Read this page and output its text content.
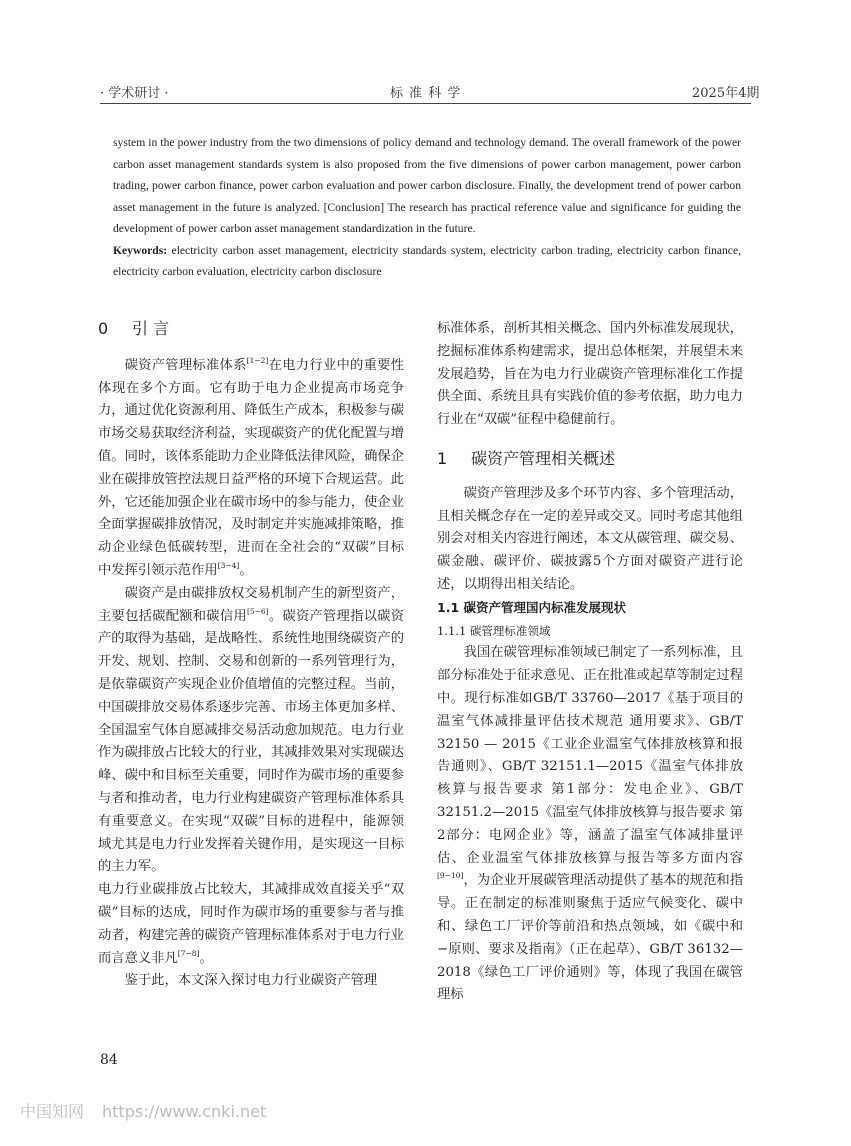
· 学术研讨 ·	标 准 科 学	2025年4期

system in the power industry from the two dimensions of policy demand and technology demand. The overall framework of the power carbon asset management standards system is also proposed from the five dimensions of power carbon management, power carbon trading, power carbon finance, power carbon evaluation and power carbon disclosure. Finally, the development trend of power carbon asset management in the future is analyzed. [Conclusion] The research has practical reference value and significance for guiding the development of power carbon asset management standardization in the future.

Keywords: electricity carbon asset management, electricity standards system, electricity carbon trading, electricity carbon finance, electricity carbon evaluation, electricity carbon disclosure

0 引 言

碳资产管理标准体系[1−2]在电力行业中的重要性体现在多个方面。它有助于电力企业提高市场竞争力，通过优化资源利用、降低生产成本，积极参与碳市场交易获取经济利益，实现碳资产的优化配置与增值。同时，该体系能助力企业降低法律风险，确保企业在碳排放管控法规日益严格的环境下合规运营。此外，它还能加强企业在碳市场中的参与能力，使企业全面掌握碳排放情况，及时制定并实施减排策略，推动企业绿色低碳转型，进而在全社会的“双碳”目标中发挥引领示范作用[3−4]。

碳资产是由碳排放权交易机制产生的新型资产，主要包括碳配额和碳信用[5−6]。碳资产管理指以碳资产的取得为基础，是战略性、系统性地围绕碳资产的开发、规划、控制、交易和创新的一系列管理行为，是依靠碳资产实现企业价值增值的完整过程。当前，中国碳排放交易体系逐步完善、市场主体更加多样、全国温室气体自愿减排交易活动愈加规范。电力行业作为碳排放占比较大的行业，其减排效果对实现碳达峰、碳中和目标至关重要，同时作为碳市场的重要参与者和推动者，电力行业构建碳资产管理标准体系具有重要意义。在实现“双碳”目标的进程中，能源领域尤其是电力行业发挥着关键作用，是实现这一目标的主力军。

电力行业碳排放占比较大，其减排成效直接关乎“双碳”目标的达成，同时作为碳市场的重要参与者与推动者，构建完善的碳资产管理标准体系对于电力行业而言意义非凡[7−8]。

鉴于此，本文深入探讨电力行业碳资产管理

标准体系，剖析其相关概念、国内外标准发展现状，挖掘标准体系构建需求，提出总体框架，并展望未来发展趋势，旨在为电力行业碳资产管理标准化工作提供全面、系统且具有实践价值的参考依据，助力电力行业在“双碳”征程中稳健前行。

1 碳资产管理相关概述

碳资产管理涉及多个环节内容、多个管理活动，且相关概念存在一定的差异或交叉。同时考虑其他组别会对相关内容进行阐述，本文从碳管理、碳交易、碳金融、碳评价、碳披露5个方面对碳资产进行论述，以期得出相关结论。

1.1 碳资产管理国内标准发展现状
1.1.1 碳管理标准领域

我国在碳管理标准领域已制定了一系列标准，且部分标准处于征求意见、正在批准或起草等制定过程中。现行标准如GB/T 33760—2017《基于项目的温室气体减排量评估技术规范 通用要求》、GB/T 32150 — 2015《工业企业温室气体排放核算和报告通则》、GB/T 32151.1—2015《温室气体排放核算与报告要求 第1部分：发电企业》、GB/T 32151.2—2015《温室气体排放核算与报告要求 第2部分：电网企业》等，涵盖了温室气体减排量评估、企业温室气体排放核算与报告等多方面内容[9−10]，为企业开展碳管理活动提供了基本的规范和指导。正在制定的标准则聚焦于适应气候变化、碳中和、绿色工厂评价等前沿和热点领域，如《碳中和−原则、要求及指南》（正在起草）、GB/T 36132—2018《绿色工厂评价通则》等，体现了我国在碳管理标

84
中国知网 https://www.cnki.net
